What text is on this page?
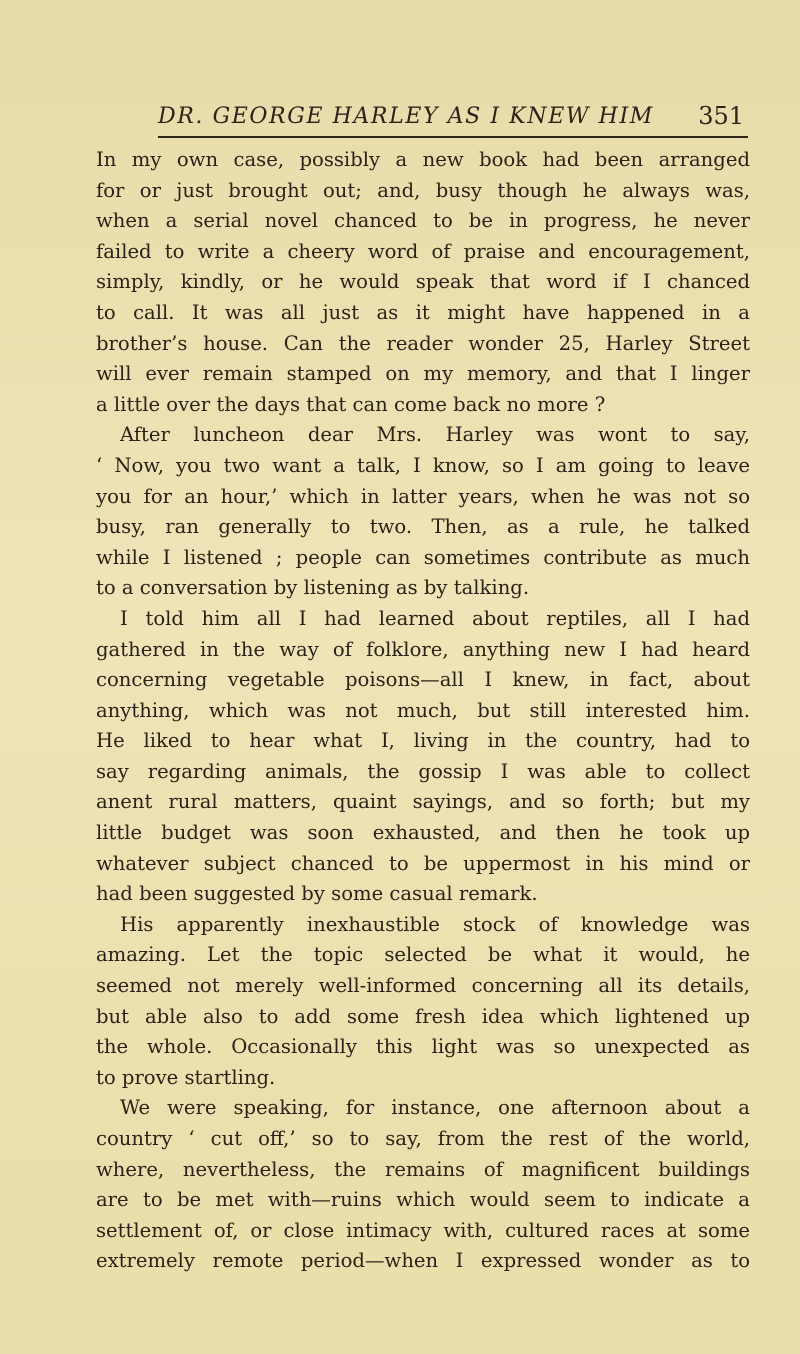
DR. GEORGE HARLEY AS I KNEW HIM 351
In my own case, possibly a new book had been arranged
for or just brought out; and, busy though he always was,
when a serial novel chanced to be in progress, he never
failed to write a cheery word of praise and encouragement,
simply, kindly, or he would speak that word if I chanced
to call. It was all just as it might have happened in a
brother’s house. Can the reader wonder 25, Harley Street
will ever remain stamped on my memory, and that I linger
a little over the days that can come back no more ?
After luncheon dear Mrs. Harley was wont to say,
‘ Now, you two want a talk, I know, so I am going to leave
you for an hour,’ which in latter years, when he was not so
busy, ran generally to two. Then, as a rule, he talked
while I listened ; people can sometimes contribute as much
to a conversation by listening as by talking.
I told him all I had learned about reptiles, all I had
gathered in the way of folklore, anything new I had heard
concerning vegetable poisons—all I knew, in fact, about
anything, which was not much, but still interested him.
He liked to hear what I, living in the country, had to
say regarding animals, the gossip I was able to collect
anent rural matters, quaint sayings, and so forth; but my
little budget was soon exhausted, and then he took up
whatever subject chanced to be uppermost in his mind or
had been suggested by some casual remark.
His apparently inexhaustible stock of knowledge was
amazing. Let the topic selected be what it would, he
seemed not merely well-informed concerning all its details,
but able also to add some fresh idea which lightened up
the whole. Occasionally this light was so unexpected as
to prove startling.
We were speaking, for instance, one afternoon about a
country ‘ cut off,’ so to say, from the rest of the world,
where, nevertheless, the remains of magnificent buildings
are to be met with—ruins which would seem to indicate a
settlement of, or close intimacy with, cultured races at some
extremely remote period—when I expressed wonder as to
